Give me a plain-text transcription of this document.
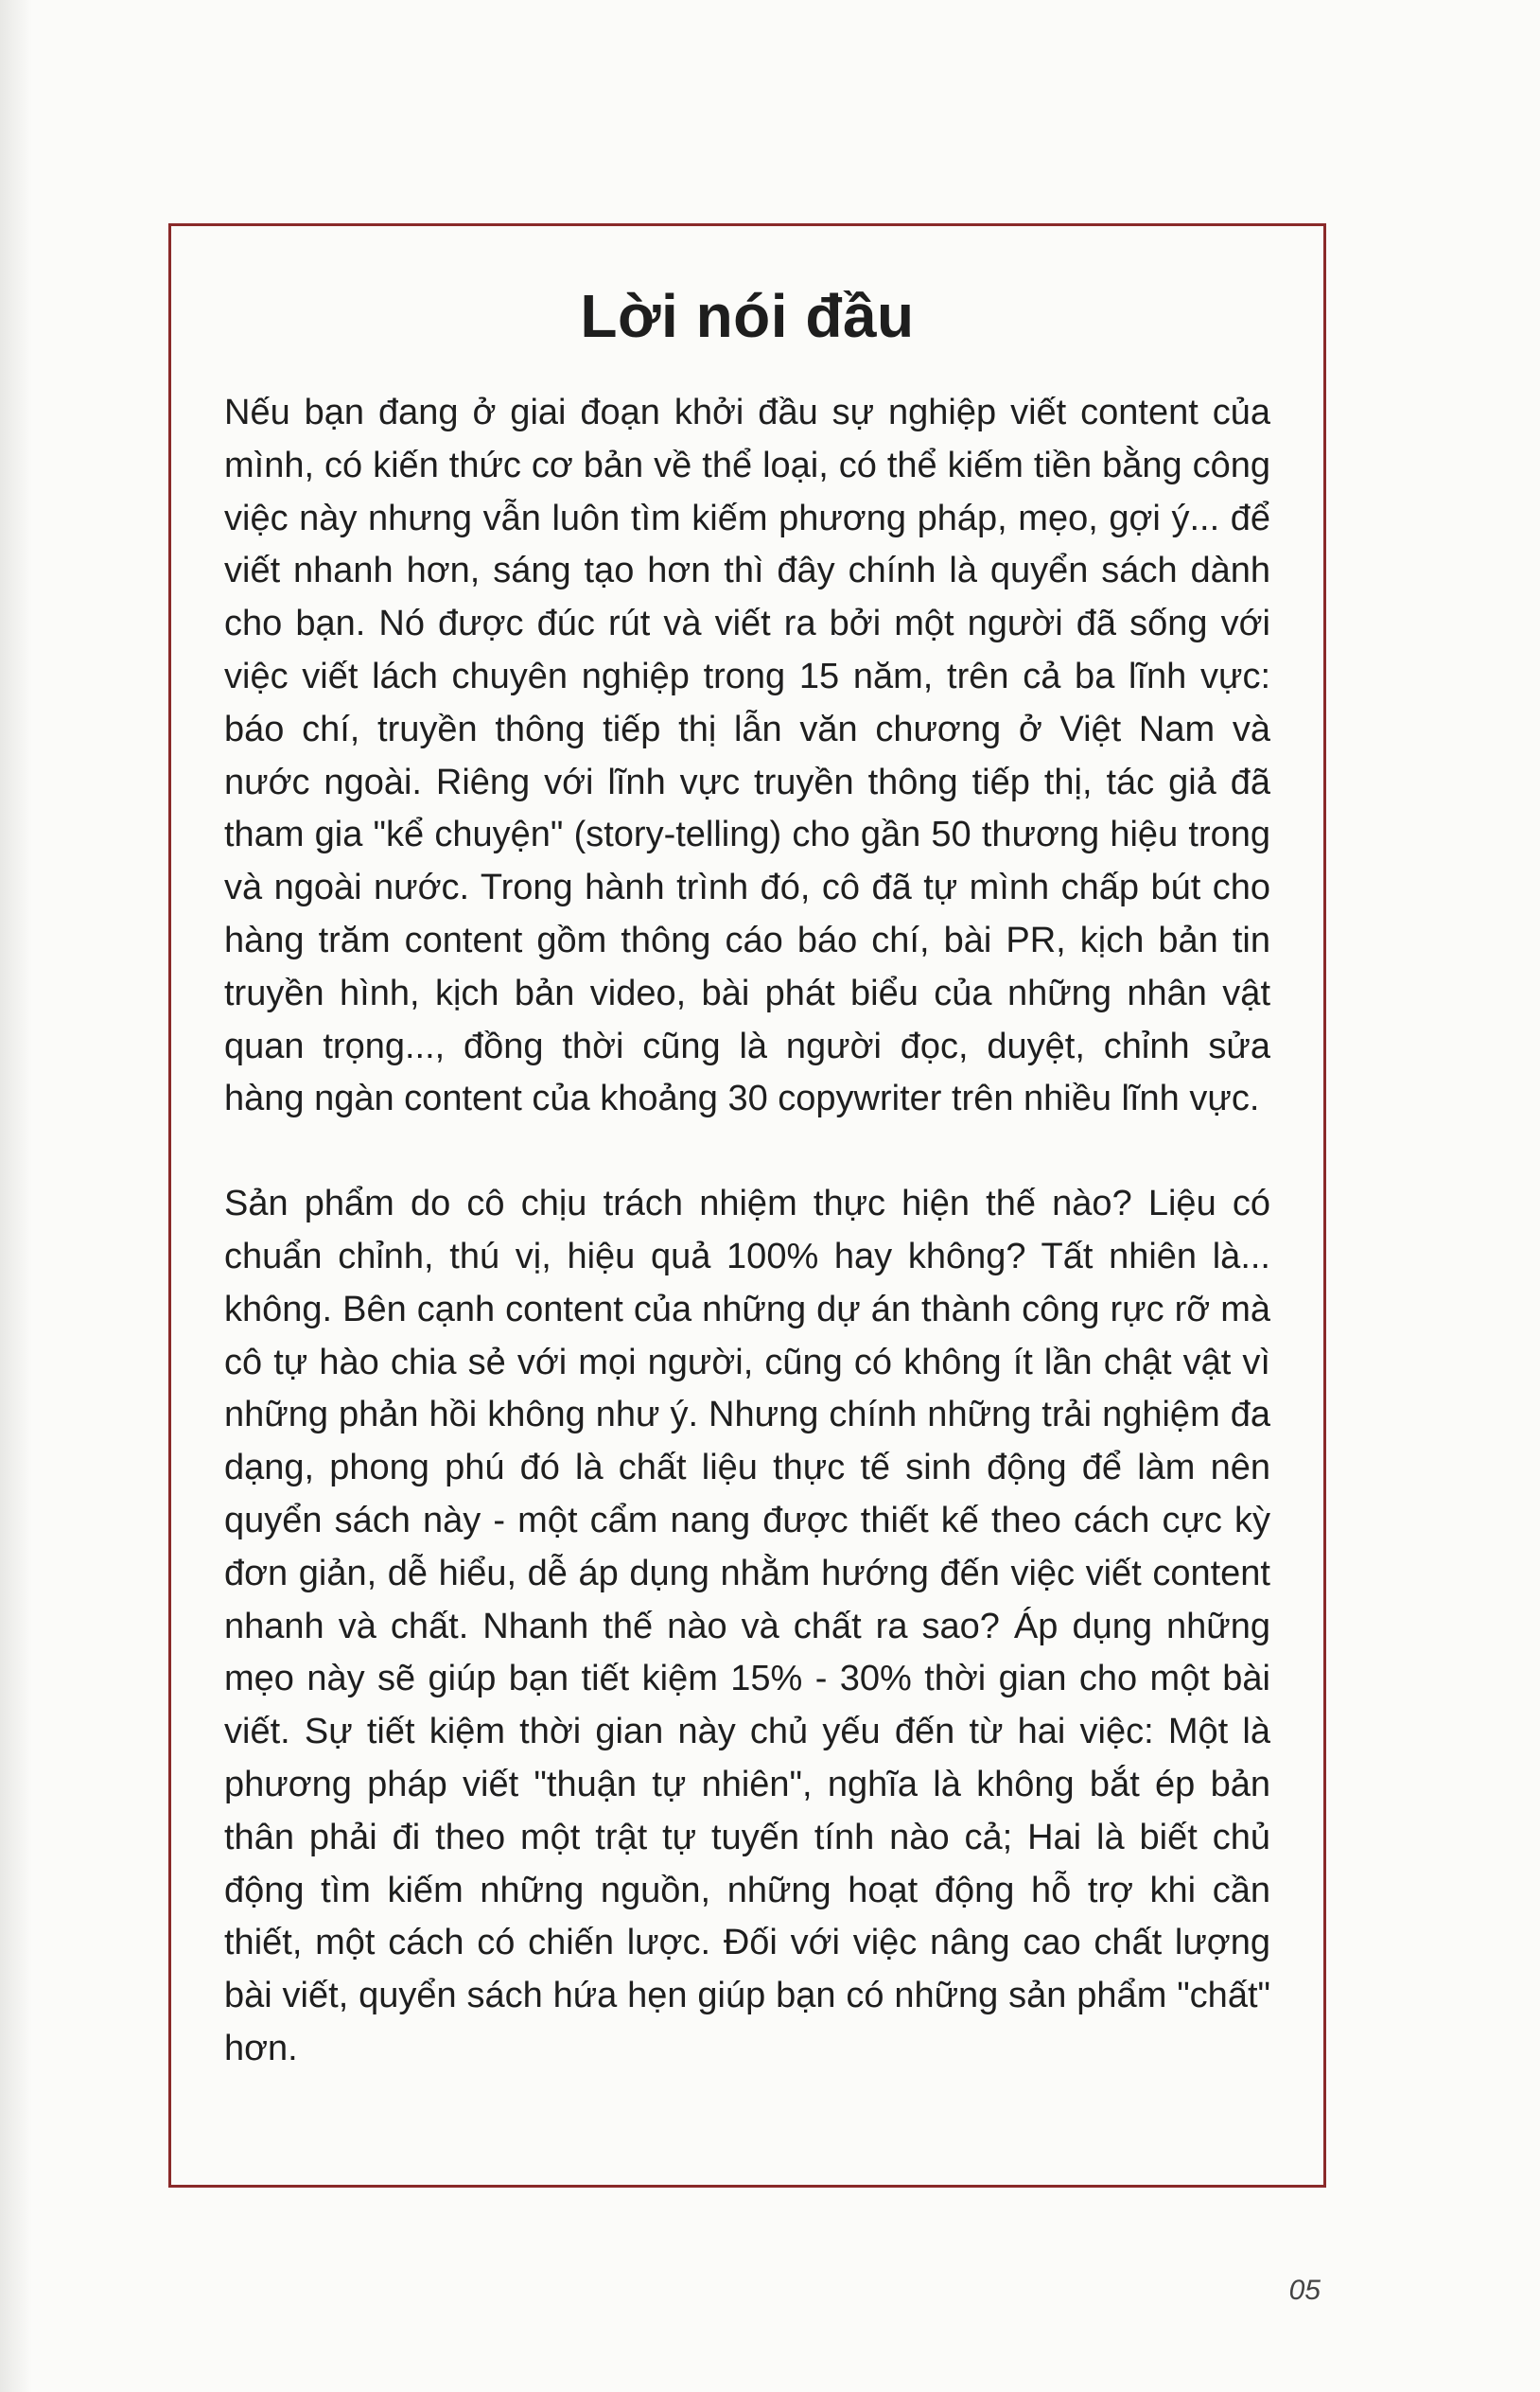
Lời nói đầu

Nếu bạn đang ở giai đoạn khởi đầu sự nghiệp viết content của mình, có kiến thức cơ bản về thể loại, có thể kiếm tiền bằng công việc này nhưng vẫn luôn tìm kiếm phương pháp, mẹo, gợi ý... để viết nhanh hơn, sáng tạo hơn thì đây chính là quyển sách dành cho bạn. Nó được đúc rút và viết ra bởi một người đã sống với việc viết lách chuyên nghiệp trong 15 năm, trên cả ba lĩnh vực: báo chí, truyền thông tiếp thị lẫn văn chương ở Việt Nam và nước ngoài. Riêng với lĩnh vực truyền thông tiếp thị, tác giả đã tham gia "kể chuyện" (story-telling) cho gần 50 thương hiệu trong và ngoài nước. Trong hành trình đó, cô đã tự mình chấp bút cho hàng trăm content gồm thông cáo báo chí, bài PR, kịch bản tin truyền hình, kịch bản video, bài phát biểu của những nhân vật quan trọng..., đồng thời cũng là người đọc, duyệt, chỉnh sửa hàng ngàn content của khoảng 30 copywriter trên nhiều lĩnh vực.

Sản phẩm do cô chịu trách nhiệm thực hiện thế nào? Liệu có chuẩn chỉnh, thú vị, hiệu quả 100% hay không? Tất nhiên là... không. Bên cạnh content của những dự án thành công rực rỡ mà cô tự hào chia sẻ với mọi người, cũng có không ít lần chật vật vì những phản hồi không như ý. Nhưng chính những trải nghiệm đa dạng, phong phú đó là chất liệu thực tế sinh động để làm nên quyển sách này - một cẩm nang được thiết kế theo cách cực kỳ đơn giản, dễ hiểu, dễ áp dụng nhằm hướng đến việc viết content nhanh và chất. Nhanh thế nào và chất ra sao? Áp dụng những mẹo này sẽ giúp bạn tiết kiệm 15% - 30% thời gian cho một bài viết. Sự tiết kiệm thời gian này chủ yếu đến từ hai việc: Một là phương pháp viết "thuận tự nhiên", nghĩa là không bắt ép bản thân phải đi theo một trật tự tuyến tính nào cả; Hai là biết chủ động tìm kiếm những nguồn, những hoạt động hỗ trợ khi cần thiết, một cách có chiến lược. Đối với việc nâng cao chất lượng bài viết, quyển sách hứa hẹn giúp bạn có những sản phẩm "chất" hơn.

05
